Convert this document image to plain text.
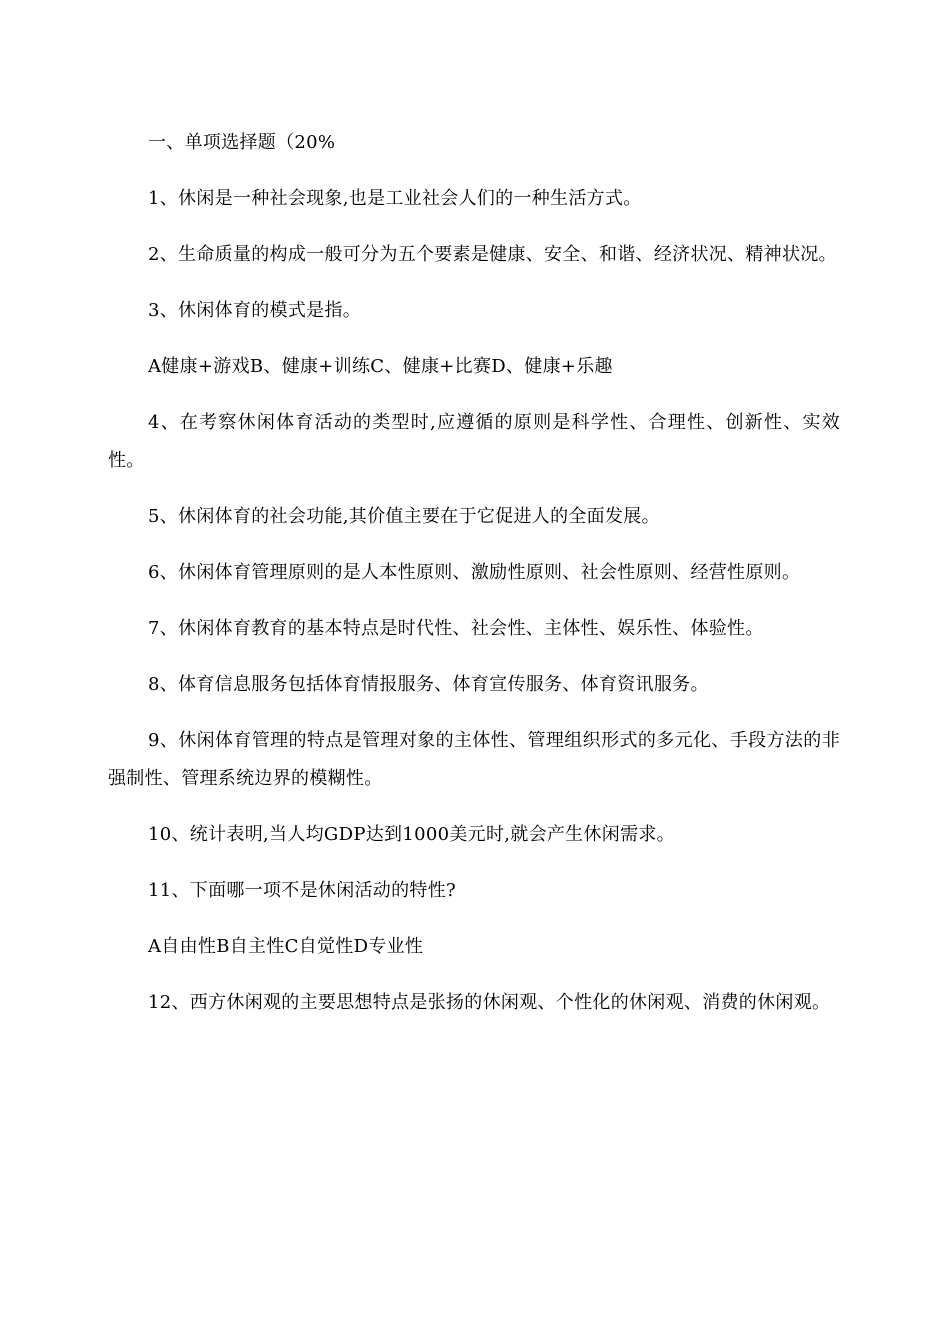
一、单项选择题（20%

1、休闲是一种社会现象,也是工业社会人们的一种生活方式。

2、生命质量的构成一般可分为五个要素是健康、安全、和谐、经济状况、精神状况。

3、休闲体育的模式是指。

A健康+游戏B、健康+训练C、健康+比赛D、健康+乐趣

4、在考察休闲体育活动的类型时,应遵循的原则是科学性、合理性、创新性、实效性。

5、休闲体育的社会功能,其价值主要在于它促进人的全面发展。

6、休闲体育管理原则的是人本性原则、激励性原则、社会性原则、经营性原则。

7、休闲体育教育的基本特点是时代性、社会性、主体性、娱乐性、体验性。

8、体育信息服务包括体育情报服务、体育宣传服务、体育资讯服务。

9、休闲体育管理的特点是管理对象的主体性、管理组织形式的多元化、手段方法的非强制性、管理系统边界的模糊性。

10、统计表明,当人均GDP达到1000美元时,就会产生休闲需求。

11、下面哪一项不是休闲活动的特性?

A自由性B自主性C自觉性D专业性

12、西方休闲观的主要思想特点是张扬的休闲观、个性化的休闲观、消费的休闲观。
